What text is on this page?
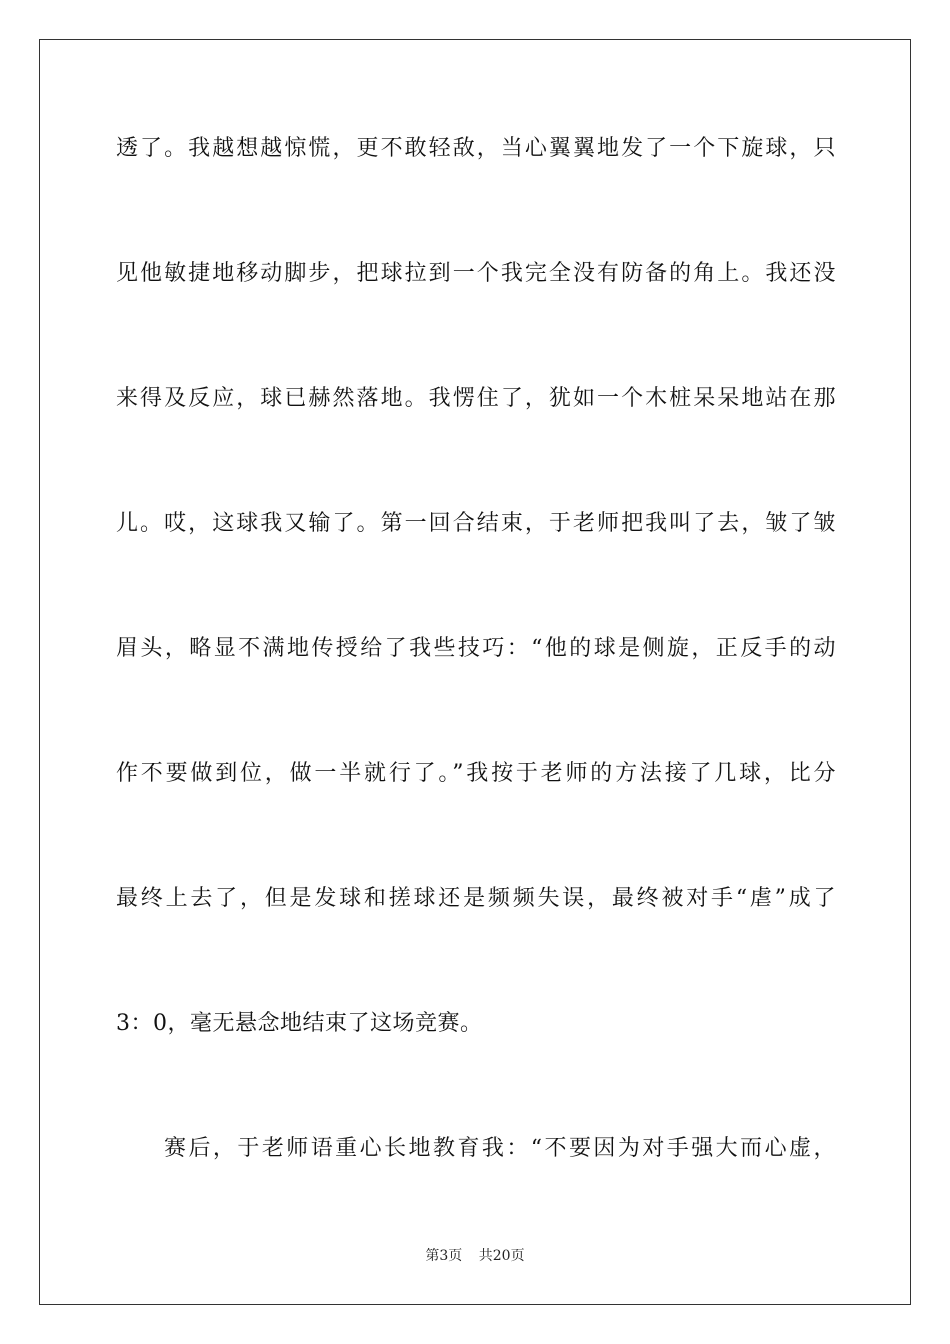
透了。我越想越惊慌，更不敢轻敌，当心翼翼地发了一个下旋球，只
见他敏捷地移动脚步，把球拉到一个我完全没有防备的角上。我还没
来得及反应，球已赫然落地。我愣住了，犹如一个木桩呆呆地站在那
儿。哎，这球我又输了。第一回合结束，于老师把我叫了去，皱了皱
眉头，略显不满地传授给了我些技巧：“他的球是侧旋，正反手的动
作不要做到位，做一半就行了。”我按于老师的方法接了几球，比分
最终上去了，但是发球和搓球还是频频失误，最终被对手“虐”成了
3：0，毫无悬念地结束了这场竞赛。
赛后，于老师语重心长地教育我：“不要因为对手强大而心虚，
第3页 共20页
